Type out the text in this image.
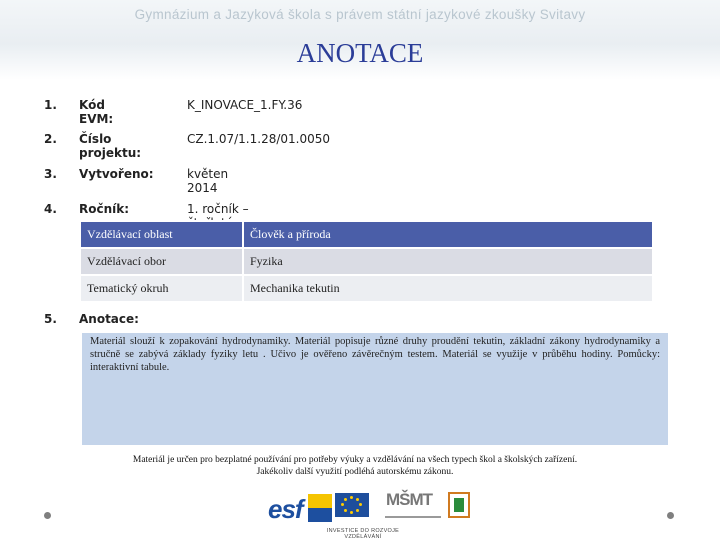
Gymnázium a Jazyková škola s právem státní jazykové zkoušky Svitavy
ANOTACE
1. Kód EVM:
K_INOVACE_1.FY.36
2. Číslo projektu:
CZ.1.07/1.1.28/01.0050
3. Vytvořeno:	květen 2014
4. Ročník:	1. ročník –
Vzdělávací oblast	Člověk a příroda
Vzdělávací obor	Fyzika
Tematický okruh	Mechanika tekutin
5. Anotace:
Materiál slouží k zopakování hydrodynamiky. Materiál popisuje různé druhy proudění tekutin, základní zákony hydrodynamiky a stručně se zabývá základy fyziky letu . Učivo je ověřeno závěrečným testem. Materiál se využije v průběhu hodiny. Pomůcky: interaktivní tabule.
Materiál je určen pro bezplatné používání pro potřeby výuky a vzdělávání na všech typech škol a školských zařízení.
Jakékoliv další využití podléhá autorskému zákonu.
esf	MŠMT
INVESTICE DO ROZVOJE VZDĚLÁVÁNÍ
